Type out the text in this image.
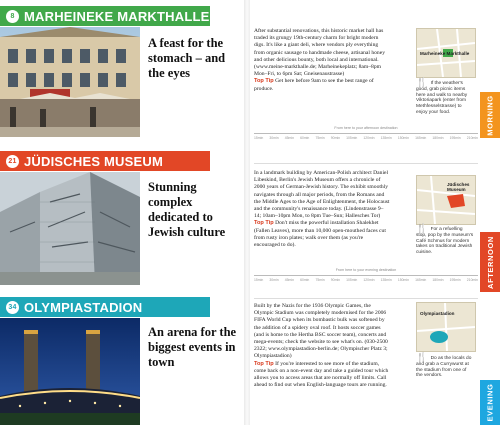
8 MARHEINEKE MARKTHALLE
A feast for the stomach – and the eyes
21 JÜDISCHES MUSEUM
Stunning complex dedicated to Jewish culture
34 OLYMPIASTADION
An arena for the biggest events in town
After substantial renovations, this historic market hall has traded its grungy 19th-century charm for bright modern digs. It's like a giant deli, where vendors ply everything from organic sausage to handmade cheese, artisanal honey and other delicious bounty, both local and international. (www.meine-markthalle.de; Marheinekeplatz; 8am–8pm Mon–Fri, to 6pm Sat; Gneisenaustrasse)
Top Tip Get here before 9am to see the best range of produce.
Marheineke Markthalle
🍴 If the weather's good, grab picnic items here and walk to nearby Viktoriapark (enter from Methfesselstrasse) to enjoy your food.	MORNING
From here to your afternoon destination
15min 30min 45min 60min 75min 90min 105min 120min 135min 150min 165min 180min 195min 210min
In a landmark building by American-Polish architect Daniel Libeskind, Berlin's Jewish Museum offers a chronicle of 2000 years of German-Jewish history. The exhibit smoothly navigates through all major periods, from the Romans and the Middle Ages to the Age of Enlightenment, the Holocaust and the community's renaissance today. (Lindenstrasse 9–14; 10am–10pm Mon, to 8pm Tue–Sun; Hallesches Tor)
Top Tip Don't miss the powerful installation Shalekhet (Fallen Leaves), more than 10,000 open-mouthed faces cut from rusty iron plates; walk over them (as you're encouraged to do).
Jüdisches Museum
🍴 For a refuelling stop, pop by the museum's Café Schmus for modern takes on traditional Jewish cuisine.	AFTERNOON
From here to your evening destination
15min 30min 45min 60min 75min 90min 105min 120min 135min 150min 165min 180min 195min 210min
Built by the Nazis for the 1936 Olympic Games, the Olympic Stadium was completely modernised for the 2006 FIFA World Cup when its bombastic bulk was softened by the addition of a spidery oval roof. It hosts soccer games (and is home to the Hertha BSC soccer team), concerts and mega-events; check the website to see what's on. (030-2500 2322; www.olympiastadion-berlin.de; Olympischer Platz 3; Olympiastadion)
Top Tip If you're interested to see more of the stadium, come back on a non-event day and take a guided tour which allows you to access areas that are normally off limits. Call ahead to find out when English-language tours are running.
Olympiastadion
🍴 Do as the locals do and grab a Currywurst at the stadium from one of the vendors.
EVENING
